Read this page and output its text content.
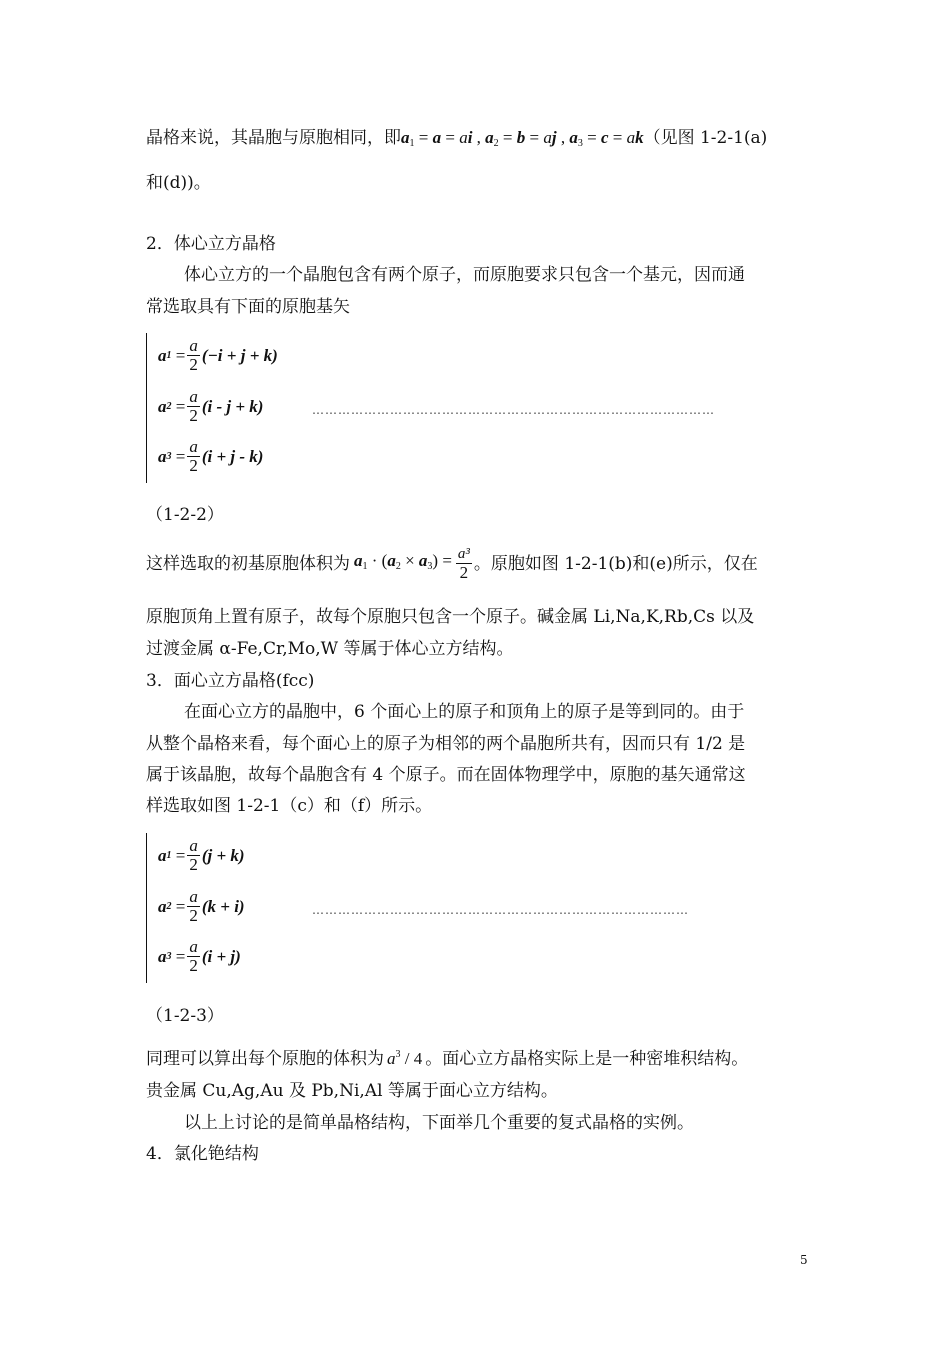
晶格来说，其晶胞与原胞相同，即$a_1 = a$ = ai , $a_2 = b$ = aj , $a_3 = c = ak$（见图 1-2-1(a)
和(d))。
2．体心立方晶格
体心立方的一个晶胞包含有两个原子，而原胞要求只包含一个基元，因而通
常选取具有下面的原胞基矢
a $1 = \frac{a}{2} (-i + j + k)$
a $2 = \frac{a}{2} (i - j + k)$
a $3 = \frac{a}{2} (i + j - k)$
…………………………………………………………………………………
（1-2-2）
这样选取的初基原胞体积为 $a_1 \cdot (a_2 \times a_3) = \frac{\text{a³}}{2}$ 。原胞如图 1-2-1(b)和(e)所示，仅在
原胞顶角上置有原子，故每个原胞只包含一个原子。碱金属 Li,Na,K,Rb,Cs 以及
过渡金属 α-Fe,Cr,Mo,W 等属于体心立方结构。
3．面心立方晶格(fcc)
在面心立方的晶胞中，6 个面心上的原子和顶角上的原子是等到同的。由于
从整个晶格来看，每个面心上的原子为相邻的两个晶胞所共有，因而只有 1/2 是
属于该晶胞，故每个晶胞含有 4 个原子。而在固体物理学中，原胞的基矢通常这
样选取如图 1-2-1（c）和（f）所示。
a $1 = \frac{a}{2} (j + k)$
a $2 = \frac{a}{2} (k + i)$
a $3 = \frac{a}{2} (i + j)$
……………………………………………………………………………
（1-2-3）
同理可以算出每个原胞的体积为 $a^3 / 4$ 。面心立方晶格实际上是一种密堆积结构。
贵金属 Cu,Ag,Au 及 Pb,Ni,Al 等属于面心立方结构。
以上上讨论的是简单晶格结构，下面举几个重要的复式晶格的实例。
4．氯化铯结构
5
